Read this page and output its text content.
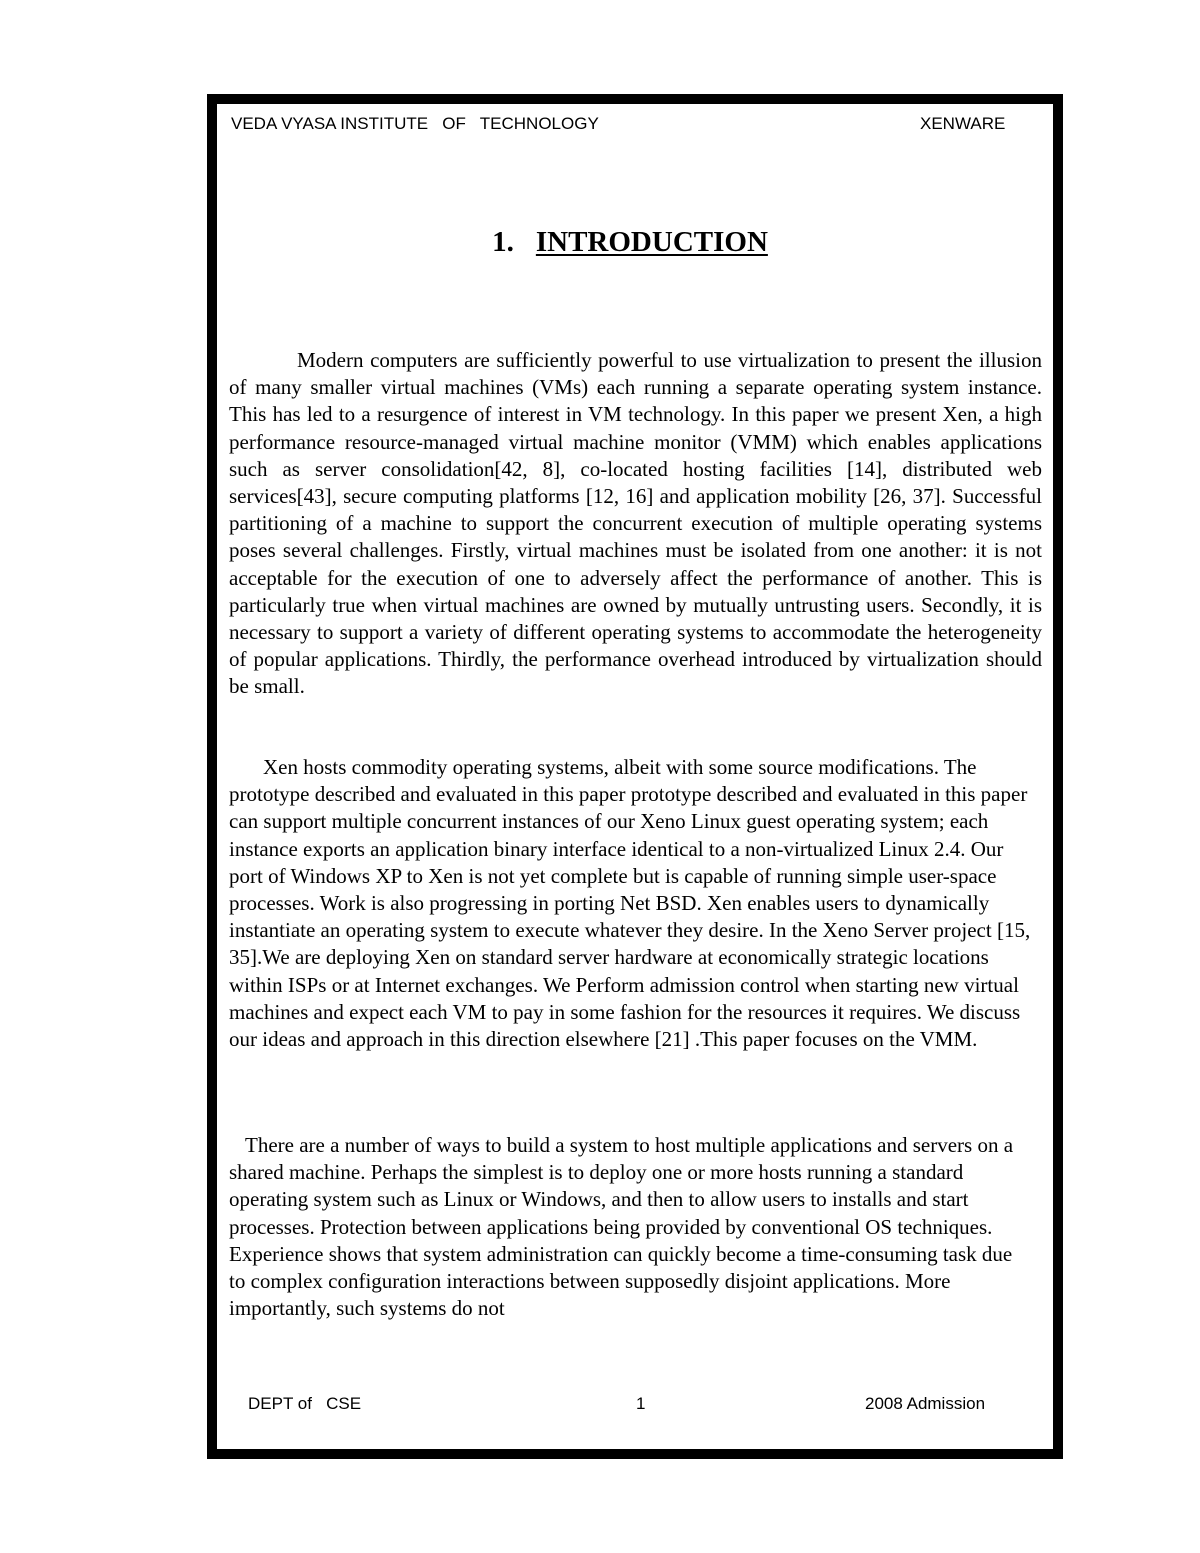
VEDA VYASA INSTITUTE   OF   TECHNOLOGY	XENWARE
1. INTRODUCTION

Modern computers are sufficiently powerful to use virtualization to present the illusion of many smaller virtual machines (VMs) each running a separate operating system instance. This has led to a resurgence of interest in VM technology. In this paper we present Xen, a high performance resource-managed virtual machine monitor (VMM) which enables applications such as server consolidation[42, 8], co-located hosting facilities [14], distributed web services[43], secure computing platforms [12, 16] and application mobility [26, 37]. Successful partitioning of a machine to support the concurrent execution of multiple operating systems poses several challenges. Firstly, virtual machines must be isolated from one another: it is not acceptable for the execution of one to adversely affect the performance of another. This is particularly true when virtual machines are owned by mutually untrusting users. Secondly, it is necessary to support a variety of different operating systems to accommodate the heterogeneity of popular applications. Thirdly, the performance overhead introduced by virtualization should be small.

Xen hosts commodity operating systems, albeit with some source modifications. The prototype described and evaluated in this paper prototype described and evaluated in this paper can support multiple concurrent instances of our Xeno Linux guest operating system; each instance exports an application binary interface identical to a non-virtualized Linux 2.4. Our port of Windows XP to Xen is not yet complete but is capable of running simple user-space processes. Work is also progressing in porting Net BSD. Xen enables users to dynamically instantiate an operating system to execute whatever they desire. In the Xeno Server project [15, 35].We are deploying Xen on standard server hardware at economically strategic locations within ISPs or at Internet exchanges. We Perform admission control when starting new virtual machines and expect each VM to pay in some fashion for the resources it requires. We discuss our ideas and approach in this direction elsewhere [21] .This paper focuses on the VMM.

There are a number of ways to build a system to host multiple applications and servers on a shared machine. Perhaps the simplest is to deploy one or more hosts running a standard operating system such as Linux or Windows, and then to allow users to installs and start processes. Protection between applications being provided by conventional OS techniques. Experience shows that system administration can quickly become a time-consuming task due to complex configuration interactions between supposedly disjoint applications. More importantly, such systems do not

DEPT of   CSE	1	2008 Admission
